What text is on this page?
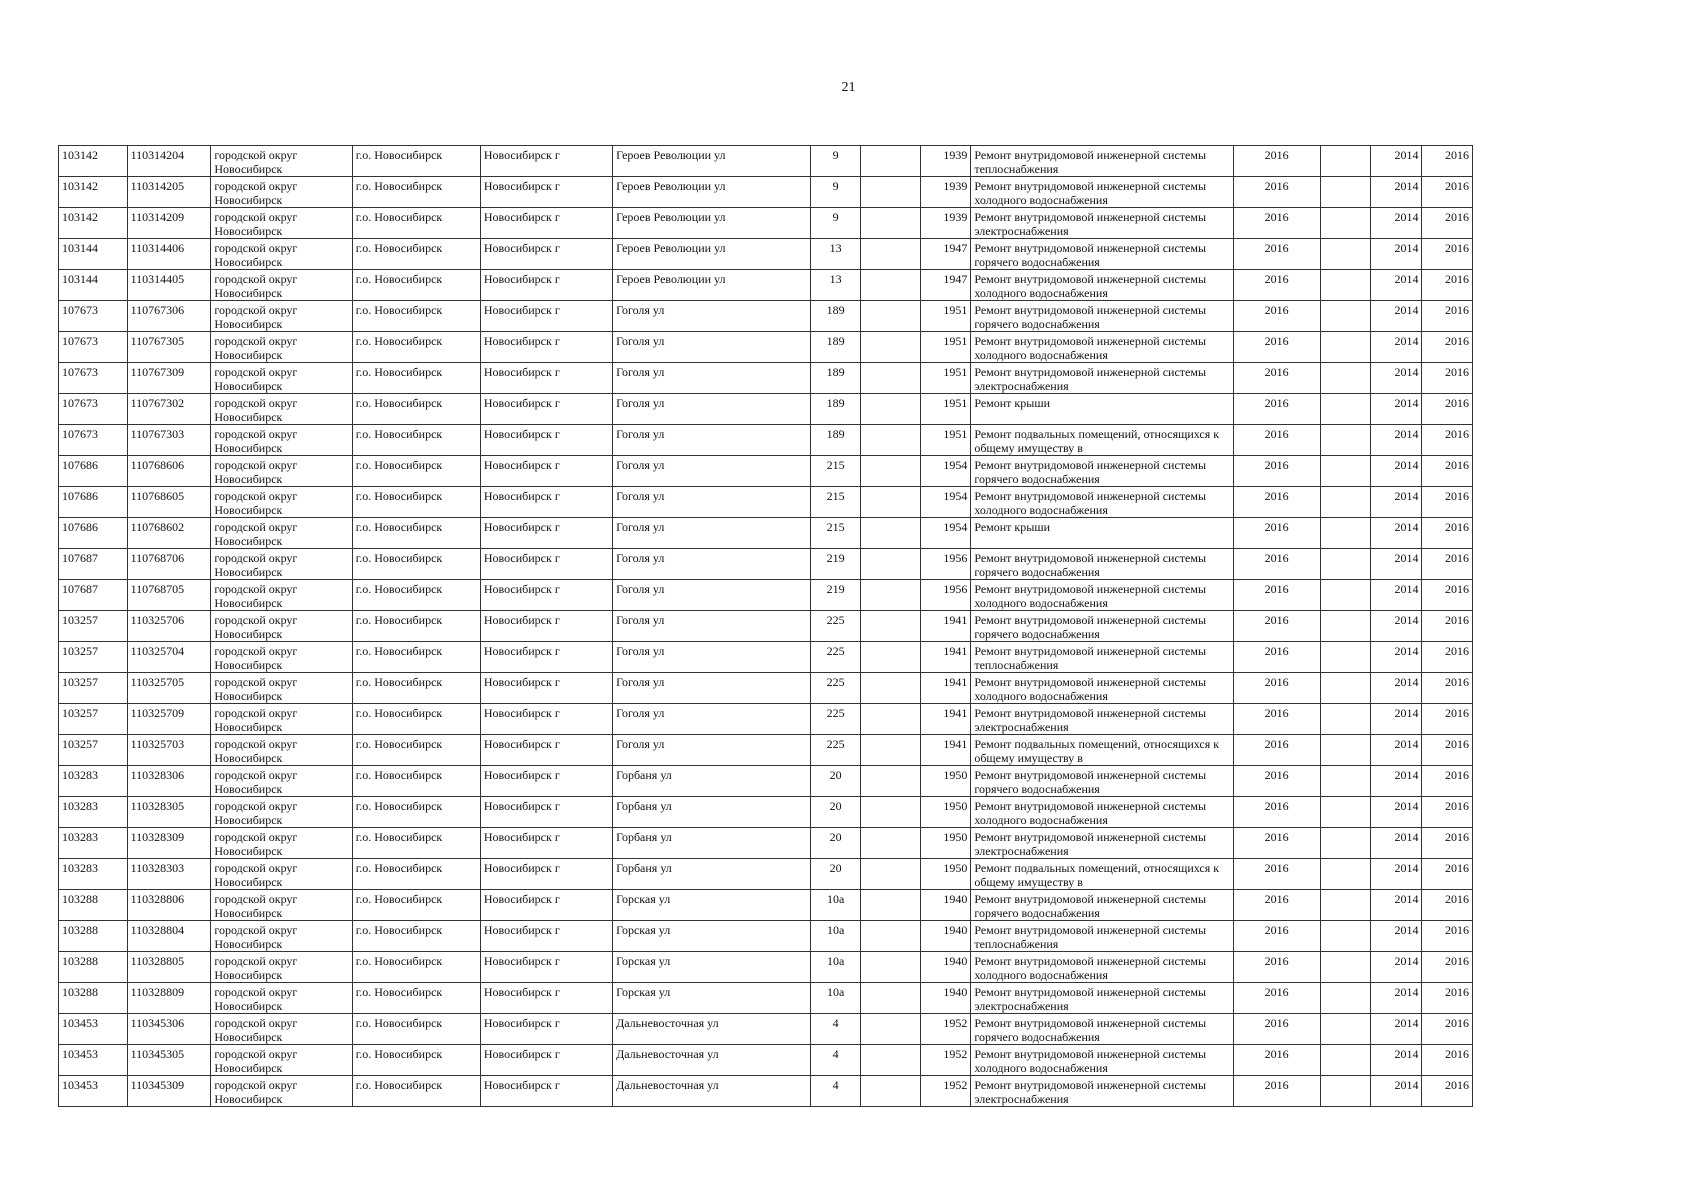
21
103142	110314204	городской округ Новосибирск	г.о. Новосибирск	Новосибирск г	Героев Революции ул	9		1939	Ремонт внутридомовой инженерной системы теплоснабжения	2016		2014	2016
103142	110314205	городской округ Новосибирск	г.о. Новосибирск	Новосибирск г	Героев Революции ул	9		1939	Ремонт внутридомовой инженерной системы холодного водоснабжения	2016		2014	2016
103142	110314209	городской округ Новосибирск	г.о. Новосибирск	Новосибирск г	Героев Революции ул	9		1939	Ремонт внутридомовой инженерной системы электроснабжения	2016		2014	2016
103144	110314406	городской округ Новосибирск	г.о. Новосибирск	Новосибирск г	Героев Революции ул	13		1947	Ремонт внутридомовой инженерной системы горячего водоснабжения	2016		2014	2016
103144	110314405	городской округ Новосибирск	г.о. Новосибирск	Новосибирск г	Героев Революции ул	13		1947	Ремонт внутридомовой инженерной системы холодного водоснабжения	2016		2014	2016
107673	110767306	городской округ Новосибирск	г.о. Новосибирск	Новосибирск г	Гоголя ул	189		1951	Ремонт внутридомовой инженерной системы горячего водоснабжения	2016		2014	2016
107673	110767305	городской округ Новосибирск	г.о. Новосибирск	Новосибирск г	Гоголя ул	189		1951	Ремонт внутридомовой инженерной системы холодного водоснабжения	2016		2014	2016
107673	110767309	городской округ Новосибирск	г.о. Новосибирск	Новосибирск г	Гоголя ул	189		1951	Ремонт внутридомовой инженерной системы электроснабжения	2016		2014	2016
107673	110767302	городской округ Новосибирск	г.о. Новосибирск	Новосибирск г	Гоголя ул	189		1951	Ремонт крыши	2016		2014	2016
107673	110767303	городской округ Новосибирск	г.о. Новосибирск	Новосибирск г	Гоголя ул	189		1951	Ремонт подвальных помещений, относящихся к общему имуществу в	2016		2014	2016
107686	110768606	городской округ Новосибирск	г.о. Новосибирск	Новосибирск г	Гоголя ул	215		1954	Ремонт внутридомовой инженерной системы горячего водоснабжения	2016		2014	2016
107686	110768605	городской округ Новосибирск	г.о. Новосибирск	Новосибирск г	Гоголя ул	215		1954	Ремонт внутридомовой инженерной системы холодного водоснабжения	2016		2014	2016
107686	110768602	городской округ Новосибирск	г.о. Новосибирск	Новосибирск г	Гоголя ул	215		1954	Ремонт крыши	2016		2014	2016
107687	110768706	городской округ Новосибирск	г.о. Новосибирск	Новосибирск г	Гоголя ул	219		1956	Ремонт внутридомовой инженерной системы горячего водоснабжения	2016		2014	2016
107687	110768705	городской округ Новосибирск	г.о. Новосибирск	Новосибирск г	Гоголя ул	219		1956	Ремонт внутридомовой инженерной системы холодного водоснабжения	2016		2014	2016
103257	110325706	городской округ Новосибирск	г.о. Новосибирск	Новосибирск г	Гоголя ул	225		1941	Ремонт внутридомовой инженерной системы горячего водоснабжения	2016		2014	2016
103257	110325704	городской округ Новосибирск	г.о. Новосибирск	Новосибирск г	Гоголя ул	225		1941	Ремонт внутридомовой инженерной системы теплоснабжения	2016		2014	2016
103257	110325705	городской округ Новосибирск	г.о. Новосибирск	Новосибирск г	Гоголя ул	225		1941	Ремонт внутридомовой инженерной системы холодного водоснабжения	2016		2014	2016
103257	110325709	городской округ Новосибирск	г.о. Новосибирск	Новосибирск г	Гоголя ул	225		1941	Ремонт внутридомовой инженерной системы электроснабжения	2016		2014	2016
103257	110325703	городской округ Новосибирск	г.о. Новосибирск	Новосибирск г	Гоголя ул	225		1941	Ремонт подвальных помещений, относящихся к общему имуществу в	2016		2014	2016
103283	110328306	городской округ Новосибирск	г.о. Новосибирск	Новосибирск г	Горбаня ул	20		1950	Ремонт внутридомовой инженерной системы горячего водоснабжения	2016		2014	2016
103283	110328305	городской округ Новосибирск	г.о. Новосибирск	Новосибирск г	Горбаня ул	20		1950	Ремонт внутридомовой инженерной системы холодного водоснабжения	2016		2014	2016
103283	110328309	городской округ Новосибирск	г.о. Новосибирск	Новосибирск г	Горбаня ул	20		1950	Ремонт внутридомовой инженерной системы электроснабжения	2016		2014	2016
103283	110328303	городской округ Новосибирск	г.о. Новосибирск	Новосибирск г	Горбаня ул	20		1950	Ремонт подвальных помещений, относящихся к общему имуществу в	2016		2014	2016
103288	110328806	городской округ Новосибирск	г.о. Новосибирск	Новосибирск г	Горская ул	10а		1940	Ремонт внутридомовой инженерной системы горячего водоснабжения	2016		2014	2016
103288	110328804	городской округ Новосибирск	г.о. Новосибирск	Новосибирск г	Горская ул	10а		1940	Ремонт внутридомовой инженерной системы теплоснабжения	2016		2014	2016
103288	110328805	городской округ Новосибирск	г.о. Новосибирск	Новосибирск г	Горская ул	10а		1940	Ремонт внутридомовой инженерной системы холодного водоснабжения	2016		2014	2016
103288	110328809	городской округ Новосибирск	г.о. Новосибирск	Новосибирск г	Горская ул	10а		1940	Ремонт внутридомовой инженерной системы электроснабжения	2016		2014	2016
103453	110345306	городской округ Новосибирск	г.о. Новосибирск	Новосибирск г	Дальневосточная ул	4		1952	Ремонт внутридомовой инженерной системы горячего водоснабжения	2016		2014	2016
103453	110345305	городской округ Новосибирск	г.о. Новосибирск	Новосибирск г	Дальневосточная ул	4		1952	Ремонт внутридомовой инженерной системы холодного водоснабжения	2016		2014	2016
103453	110345309	городской округ Новосибирск	г.о. Новосибирск	Новосибирск г	Дальневосточная ул	4		1952	Ремонт внутридомовой инженерной системы электроснабжения	2016		2014	2016
